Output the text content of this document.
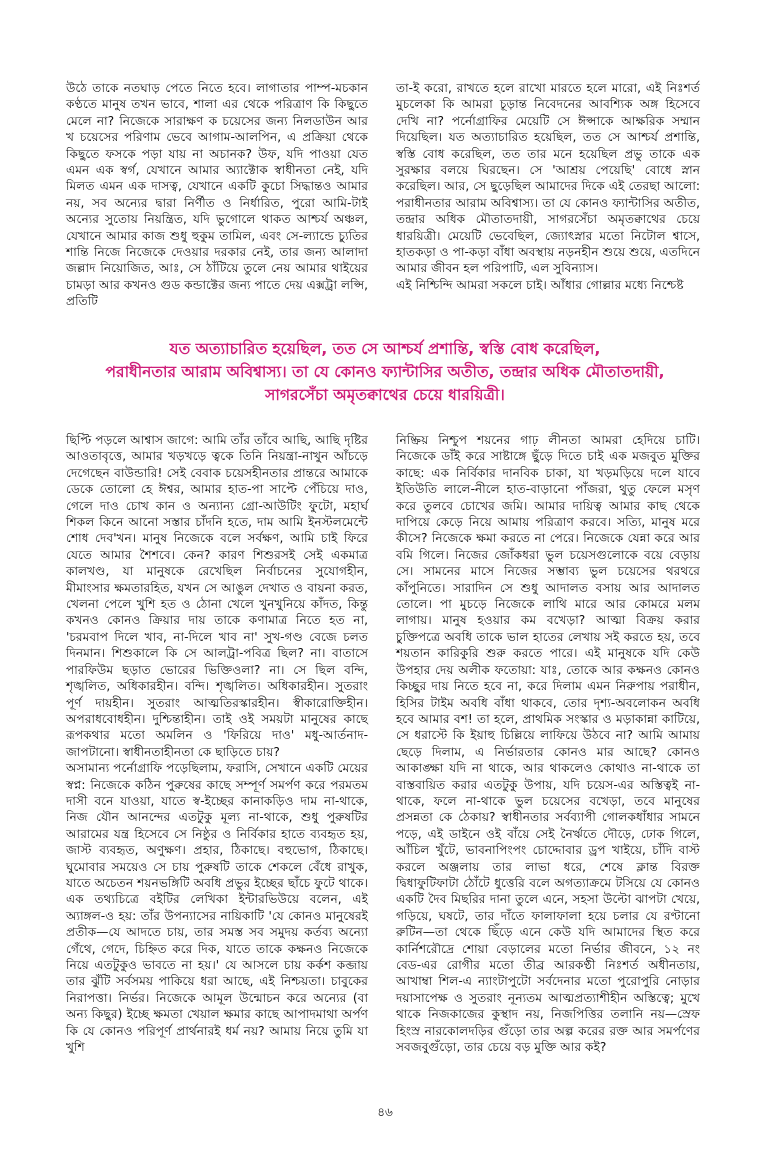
উঠে তাকে নতঘাড় পেতে নিতে হবে। লাগাতার পাম্প-মচকান কণ্ঠতে মানুষ তখন ভাবে, শালা এর থেকে পরিত্রাণ কি কিছুতে মেলে না? নিজেকে সারাক্ষণ ক চয়েসের জন্য নিলডাউন আর খ চয়েসের পরিণাম ভেবে আগাম-আলপিন, এ প্রক্রিয়া থেকে কিছুতে ফসকে পড়া যায় না অচানক? উফ, যদি পাওয়া যেত এমন এক স্বর্গ, যেখানে আমার অ্যাক্টোক স্বাধীনতা নেই, যদি মিলত এমন এক দাসত্ব, যেখানে একটি কুচো সিদ্ধান্তও আমার নয়, সব অন্যের দ্বারা নির্ণীত ও নির্ধারিত, পুরো আমি-টাই অন্যের সুতোয় নিয়ন্ত্রিত, যদি ভুগোলে থাকত আশ্চর্য অঞ্চল, যেখানে আমার কাজ শুধু হুকুম তামিল, এবং সে-ল্যান্ডে চ্যুতির শান্তি নিজে নিজেকে দেওয়ার দরকার নেই, তার জন্য আলাদা জল্লাদ নিয়োজিত, আঃ, সে ঠাঁটিয়ে তুলে নেয় আমার থাইয়ের চামড়া আর কখনও গুড কন্ডাক্টের জন্য পাতে দেয় এক্সট্রা লপ্সি, প্রতিটি
তা-ই করো, রাখতে হলে রাখো মারতে হলে মারো, এই নিঃশর্ত মুচলেকা কি আমরা চূড়ান্ত নিবেদনের আবশ্যিক অঙ্গ হিসেবে দেখি না? পর্নোগ্রাফির মেয়েটি সে ঈপ্সাকে আক্ষরিক সম্মান দিয়েছিল। যত অত্যাচারিত হয়েছিল, তত সে আশ্চর্য প্রশান্তি, স্বস্তি বোধ করেছিল, তত তার মনে হয়েছিল প্রভু তাকে এক সুরক্ষার বলয়ে ঘিরছেন। সে 'আশ্রয় পেয়েছি' বোধে স্নান করেছিল। আর, সে ছুড়েছিল আমাদের দিকে এই তেরছা আলো: পরাধীনতার আরাম অবিশ্বাস্য। তা যে কোনও ফ্যান্টাসির অতীত, তন্দ্রার অধিক মৌতাতদায়ী, সাগরসেঁচা অমৃতক্বাথের চেয়ে ধারয়িত্রী। মেয়েটি ভেবেছিল, জ্যোৎস্নার মতো নিটোল শ্বাসে, হাতকড়া ও পা-কড়া বাঁধা অবস্থায় নড়নহীন শুয়ে শুয়ে, এতদিনে আমার জীবন হল পরিপাটি, এল সুবিন্যাস।
এই নিশ্চিন্দি আমরা সকলে চাই। আঁধার গোল্লার মধ্যে নিশ্চেষ্ট
যত অত্যাচারিত হয়েছিল, তত সে আশ্চর্য প্রশান্তি, স্বস্তি বোধ করেছিল,
পরাধীনতার আরাম অবিশ্বাস্য। তা যে কোনও ফ্যান্টাসির অতীত, তন্দ্রার অধিক মৌতাতদায়ী,
সাগরসেঁচা অমৃতক্বাথের চেয়ে ধারয়িত্রী।
ছিপ্টি পড়লে আশ্বাস জাগে: আমি তাঁর তাঁবে আছি, আছি দৃষ্টির আওতাবৃত্তে, আমার খড়খড়ে ত্বকে তিনি নিয়ন্ত্রা-নাখুন আঁচড়ে দেগেছেন বাউন্ডারি! সেই বেবাক চয়েসহীনতার প্রান্তরে আমাকে ডেকে তোলো হে ঈশ্বর, আমার হাত-পা সাপ্টে পেঁচিয়ে দাও, গেলে দাও চোখ কান ও অন্যান্য গ্রো-আউটিং ফুটো, মহার্ঘ শিকল কিনে আনো সস্তার চাঁদনি হতে, দাম আমি ইনস্টলমেন্টে শোধ দেব'খন। মানুষ নিজেকে বলে সর্বক্ষণ, আমি চাই ফিরে যেতে আমার শৈশবে। কেন? কারণ শিশুরসই সেই একমাত্র কালখণ্ড, যা মানুষকে রেখেছিল নির্বাচনের সুযোগহীন, মীমাংসার ক্ষমতারহিত, যখন সে আঙুল দেখাত ও বায়না করত, খেলনা পেলে খুশি হত ও ঠোনা খেলে খুনখুনিয়ে কাঁদত, কিন্তু কখনও কোনও ক্রিয়ার দায় তাকে কণামাত্র নিতে হত না, 'চরমবাপ দিলে খাব, না-দিলে খাব না' সুখ-গণ্ড বেজে চলত দিনমান। শিশুকালে কি সে আলট্রা-পবিত্র ছিল? না। বাতাসে পারফিউম ছড়াত ভোরের ভিক্তিওলা? না। সে ছিল বন্দি, শৃঙ্খলিত, অধিকারহীন। বন্দি। শৃঙ্খলিত। অধিকারহীন। সুতরাং পূর্ণ দায়হীন। সুতরাং আত্মতিরস্কারহীন। স্বীকারোক্তিহীন। অপরাধবোধহীন। দুশ্চিন্তাহীন। তাই ওই সময়টা মানুষের কাছে রূপকথার মতো অমলিন ও 'ফিরিয়ে দাও' মধু-আর্তনাদ-জাপটানো। স্বাধীনতাহীনতা কে ছাড়িতে চায়?
অসামান্য পর্নোগ্রাফি পড়েছিলাম, ফরাসি, সেখানে একটি মেয়ের স্বপ্ন: নিজেকে কঠিন পুরুষের কাছে সম্পূর্ণ সমর্পণ করে পরমতম দাসী বনে যাওয়া, যাতে স্ব-ইচ্ছের কানাকড়িও দাম না-থাকে, নিজ যৌন আনন্দের এতটুকু মূল্য না-থাকে, শুধু পুরুষটির আরামের যন্ত্র হিসেবে সে নিষ্ঠুর ও নির্বিকার হাতে ব্যবহৃত হয়, জাস্ট ব্যবহৃত, অণুক্ষণ। প্রহার, ঠিকাছে। বহুভোগ, ঠিকাছে। ঘুমোবার সময়েও সে চায় পুরুষটি তাকে শেকলে বেঁধে রাখুক, যাতে অচেতন শয়নভঙ্গিটি অবধি প্রভুর ইচ্ছের ছাঁচে ফুটে থাকে। এক তথ্যচিত্রে বইটির লেখিকা ইন্টারভিউয়ে বলেন, এই অ্যাঙ্গল-ও হয়: তাঁর উপন্যাসের নায়িকাটি 'যে কোনও মানুষেরই প্রতীক—যে আদতে চায়, তার সমস্ত সব সমুদয় কর্তব্য অন্যো গেঁথে, গেদে, চিহ্নিত করে দিক, যাতে তাকে কক্ষনও নিজেকে নিয়ে এতটুকুও ভাবতে না হয়।' যে আসলে চায় কর্কশ কব্জায় তার ঝুঁটি সর্বসময় পাকিয়ে ধরা আছে, এই নিশ্চয়তা। চাবুকের নিরাপত্তা। নির্ভর। নিজেকে আমূল উন্মোচন করে অন্যের (বা অন্য কিছুর) ইচ্ছে ক্ষমতা খেয়াল ক্ষমার কাছে আপাদমাথা অর্পণ কি যে কোনও পরিপূর্ণ প্রার্থনারই ধর্ম নয়? আমায় নিয়ে তুমি যা খুশি
নিষ্ক্রিয় নিশ্চুপ শয়নের গাঢ় লীনতা আমরা হেদিয়ে চাটি। নিজেকে ডাঁই করে সাষ্টাঙ্গে ছুঁড়ে দিতে চাই এক মজবুত মুক্তির কাছে: এক নির্বিকার দানবিক চাকা, যা খড়মড়িয়ে দলে যাবে ইতিউতি লালে-নীলে হাত-বাড়ানো পাঁজরা, থুতু ফেলে মসৃণ করে তুলবে চোখের জমি। আমার দায়িত্ব আমার কাছ থেকে দাপিয়ে কেড়ে নিয়ে আমায় পরিত্রাণ করবে। সত্যি, মানুষ মরে কীসে? নিজেকে ক্ষমা করতে না পেরে। নিজেকে যেন্না করে আর বমি গিলে। নিজের জোঁকধরা ভুল চয়েসগুলোকে বয়ে বেড়ায় সে। সামনের মাসে নিজের সম্ভাব্য ভুল চয়েসের থরথরে কাঁপুনিতে। সারাদিন সে শুধু আদালত বসায় আর আদালত তোলে। পা মুচড়ে নিজেকে লাথি মারে আর কোমরে মলম লাগায়। মানুষ হওয়ার কম বখেড়া? আত্মা বিক্রয় করার চুক্তিপত্রে অবধি তাকে ভাল হাতের লেখায় সই করতে হয়, তবে শয়তান কারিকুরি শুরু করতে পারে। এই মানুষকে যদি কেউ উপহার দেয় অলীক ফতোয়া: যাঃ, তোকে আর কক্ষনও কোনও কিচ্ছুর দায় নিতে হবে না, করে দিলাম এমন নিরুপায় পরাধীন, হিসির টাইম অবধি বাঁধা থাকবে, তোর দৃশ্য-অবলোকন অবধি হবে আমার বশ! তা হলে, প্রাথমিক সংস্কার ও মড়াকান্না কাটিয়ে, সে ধরাস্টে কি ইয়াহু চিল্লিয়ে লাফিয়ে উঠবে না? আমি আমায় ছেড়ে দিলাম, এ নির্ভারতার কোনও মার আছে? কোনও আকাঙ্ক্ষা যদি না থাকে, আর থাকলেও কোথাও না-থাকে তা বাস্তবায়িত করার এতটুকু উপায়, যদি চয়েস-এর অস্তিত্বই না-থাকে, ফলে না-থাকে ভুল চয়েসের বখেড়া, তবে মানুষের প্রসন্নতা কে ঠেকায়? স্বাধীনতার সর্বব্যাপী গোলকধাঁধার সামনে পড়ে, এই ডাইনে ওই বাঁয়ে সেই নৈর্ঋতে দৌড়ে, ঢোক গিলে, আঁচিল খুঁটে, ভাবনাপিংপং চোদ্দোবার ড্রপ খাইয়ে, চাঁদি বাস্ট করলে অঞ্জলায় তার লাভা ধরে, শেষে ক্লান্ত বিরক্ত দ্বিধাফুটিফাটা ঠোঁটে ধুত্তেরি বলে অগত্যাক্রমে টসিয়ে যে কোনও একটি দৈব মিছরির দানা তুলে এনে, সহসা উল্টো ঝাপটা খেয়ে, গড়িয়ে, ঘষটে, তার দাঁতে ফালাফালা হয়ে চলার যে রণ্টানো রুটিন—তা থেকে ছিঁড়ে এনে কেউ যদি আমাদের স্থিত করে কার্নিশরৌদ্রে শোয়া বেড়ালের মতো নির্ভার জীবনে, ১২ নং বেড-এর রোগীর মতো তীব্র আরকণ্ঠী নিঃশর্ত অধীনতায়, আখাম্বা শিল-এ ন্যাংটাপুটো সর্বদেনার মতো পুরোপুরি নোড়ার দয়াসাপেক্ষ ও সুতরাং নূন্যতম আত্মপ্রত্যাশীহীন অস্তিত্বে; মুখে থাকে নিজকাজের কুস্থাদ নয়, নিজপিত্তির তলানি নয়—স্রেফ হিংস্র নারকোলদড়ির গুঁড়ো তার অল্প করের রক্ত আর সমর্পণের সবজবুগুঁড়ো, তার চেয়ে বড় মুক্তি আর কই?
৪৬
